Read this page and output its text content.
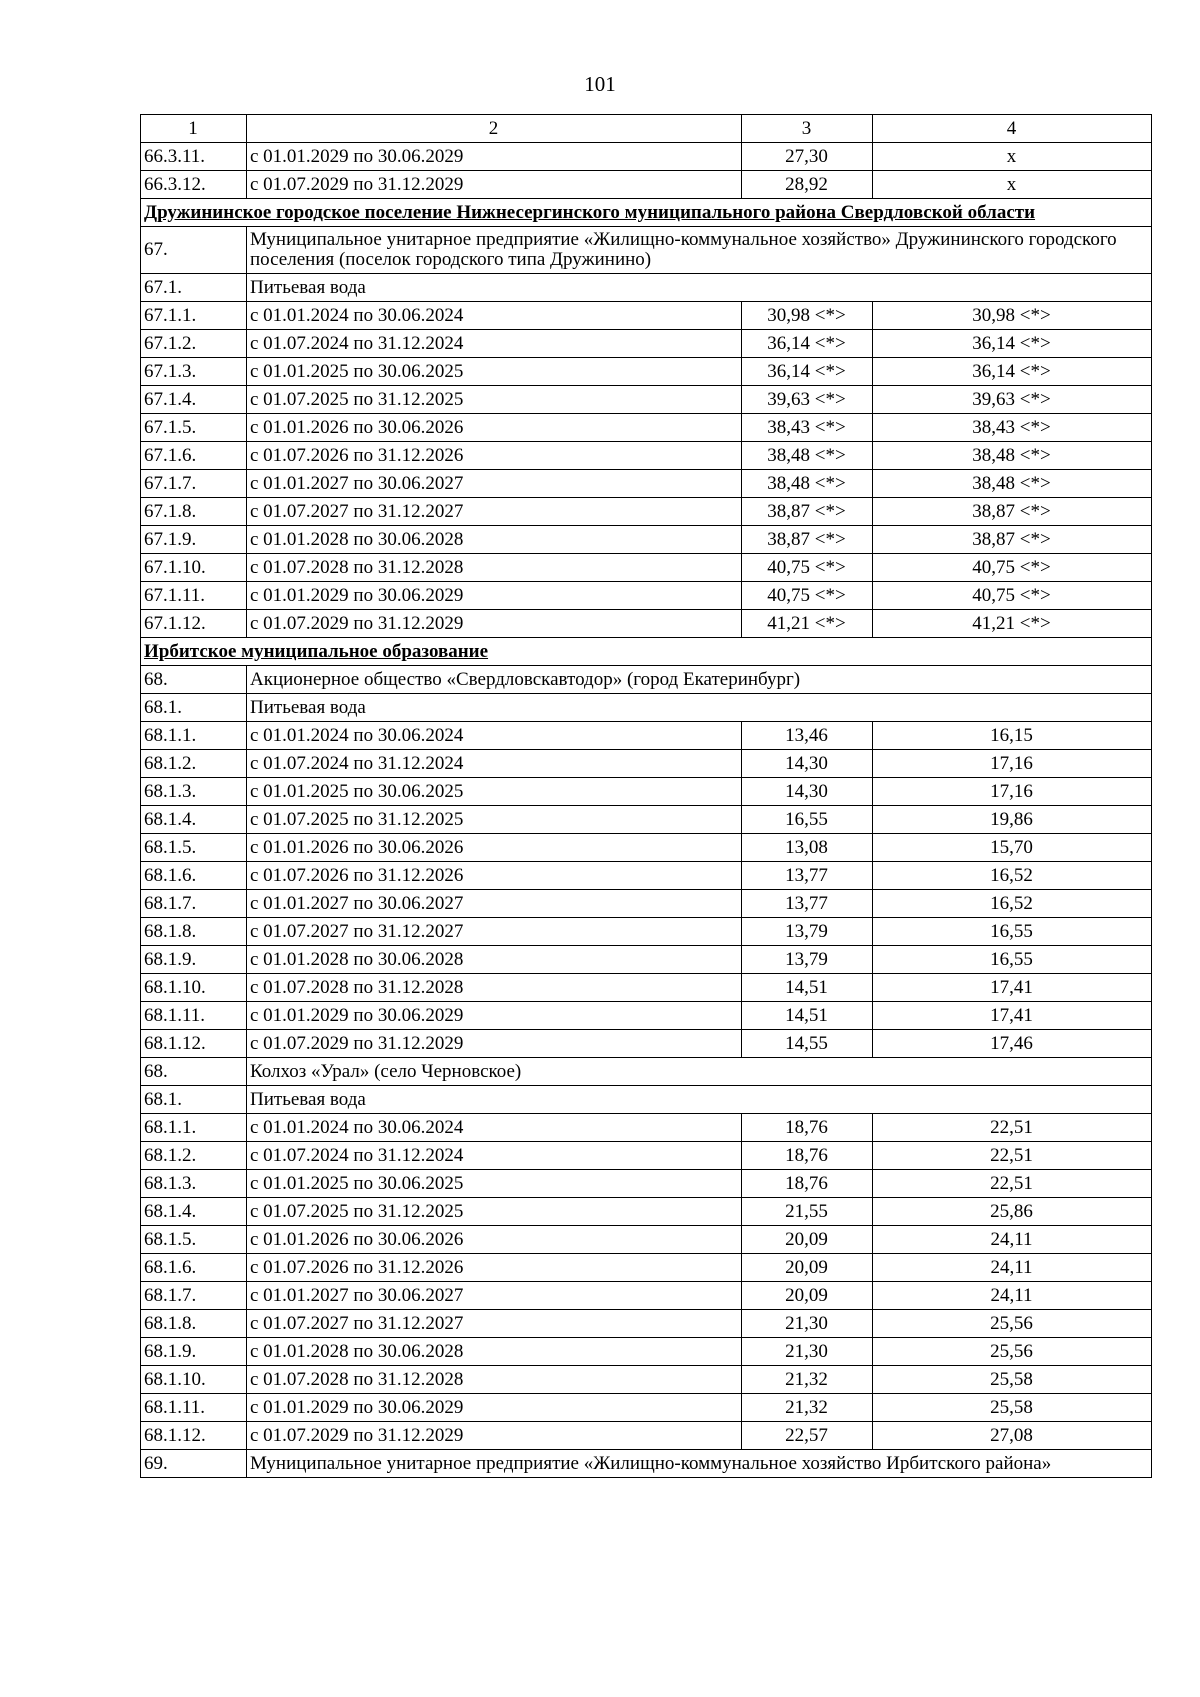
101
1	2	3	4
66.3.11.	с 01.01.2029 по 30.06.2029	27,30	х
66.3.12.	с 01.07.2029 по 31.12.2029	28,92	х
Дружининское городское поселение Нижнесергинского муниципального района Свердловской области			
67.	Муниципальное унитарное предприятие «Жилищно-коммунальное хозяйство» Дружининского городского поселения (поселок городского типа Дружинино)		
67.1.	Питьевая вода		
67.1.1.	с 01.01.2024 по 30.06.2024	30,98 <*>	30,98 <*>
67.1.2.	с 01.07.2024 по 31.12.2024	36,14 <*>	36,14 <*>
67.1.3.	с 01.01.2025 по 30.06.2025	36,14 <*>	36,14 <*>
67.1.4.	с 01.07.2025 по 31.12.2025	39,63 <*>	39,63 <*>
67.1.5.	с 01.01.2026 по 30.06.2026	38,43 <*>	38,43 <*>
67.1.6.	с 01.07.2026 по 31.12.2026	38,48 <*>	38,48 <*>
67.1.7.	с 01.01.2027 по 30.06.2027	38,48 <*>	38,48 <*>
67.1.8.	с 01.07.2027 по 31.12.2027	38,87 <*>	38,87 <*>
67.1.9.	с 01.01.2028 по 30.06.2028	38,87 <*>	38,87 <*>
67.1.10.	с 01.07.2028 по 31.12.2028	40,75 <*>	40,75 <*>
67.1.11.	с 01.01.2029 по 30.06.2029	40,75 <*>	40,75 <*>
67.1.12.	с 01.07.2029 по 31.12.2029	41,21 <*>	41,21 <*>
Ирбитское муниципальное образование			
68.	Акционерное общество «Свердловскавтодор» (город Екатеринбург)		
68.1.	Питьевая вода		
68.1.1.	с 01.01.2024 по 30.06.2024	13,46	16,15
68.1.2.	с 01.07.2024 по 31.12.2024	14,30	17,16
68.1.3.	с 01.01.2025 по 30.06.2025	14,30	17,16
68.1.4.	с 01.07.2025 по 31.12.2025	16,55	19,86
68.1.5.	с 01.01.2026 по 30.06.2026	13,08	15,70
68.1.6.	с 01.07.2026 по 31.12.2026	13,77	16,52
68.1.7.	с 01.01.2027 по 30.06.2027	13,77	16,52
68.1.8.	с 01.07.2027 по 31.12.2027	13,79	16,55
68.1.9.	с 01.01.2028 по 30.06.2028	13,79	16,55
68.1.10.	с 01.07.2028 по 31.12.2028	14,51	17,41
68.1.11.	с 01.01.2029 по 30.06.2029	14,51	17,41
68.1.12.	с 01.07.2029 по 31.12.2029	14,55	17,46
68.	Колхоз «Урал» (село Черновское)		
68.1.	Питьевая вода		
68.1.1.	с 01.01.2024 по 30.06.2024	18,76	22,51
68.1.2.	с 01.07.2024 по 31.12.2024	18,76	22,51
68.1.3.	с 01.01.2025 по 30.06.2025	18,76	22,51
68.1.4.	с 01.07.2025 по 31.12.2025	21,55	25,86
68.1.5.	с 01.01.2026 по 30.06.2026	20,09	24,11
68.1.6.	с 01.07.2026 по 31.12.2026	20,09	24,11
68.1.7.	с 01.01.2027 по 30.06.2027	20,09	24,11
68.1.8.	с 01.07.2027 по 31.12.2027	21,30	25,56
68.1.9.	с 01.01.2028 по 30.06.2028	21,30	25,56
68.1.10.	с 01.07.2028 по 31.12.2028	21,32	25,58
68.1.11.	с 01.01.2029 по 30.06.2029	21,32	25,58
68.1.12.	с 01.07.2029 по 31.12.2029	22,57	27,08
69.	Муниципальное унитарное предприятие «Жилищно-коммунальное хозяйство Ирбитского района»		
